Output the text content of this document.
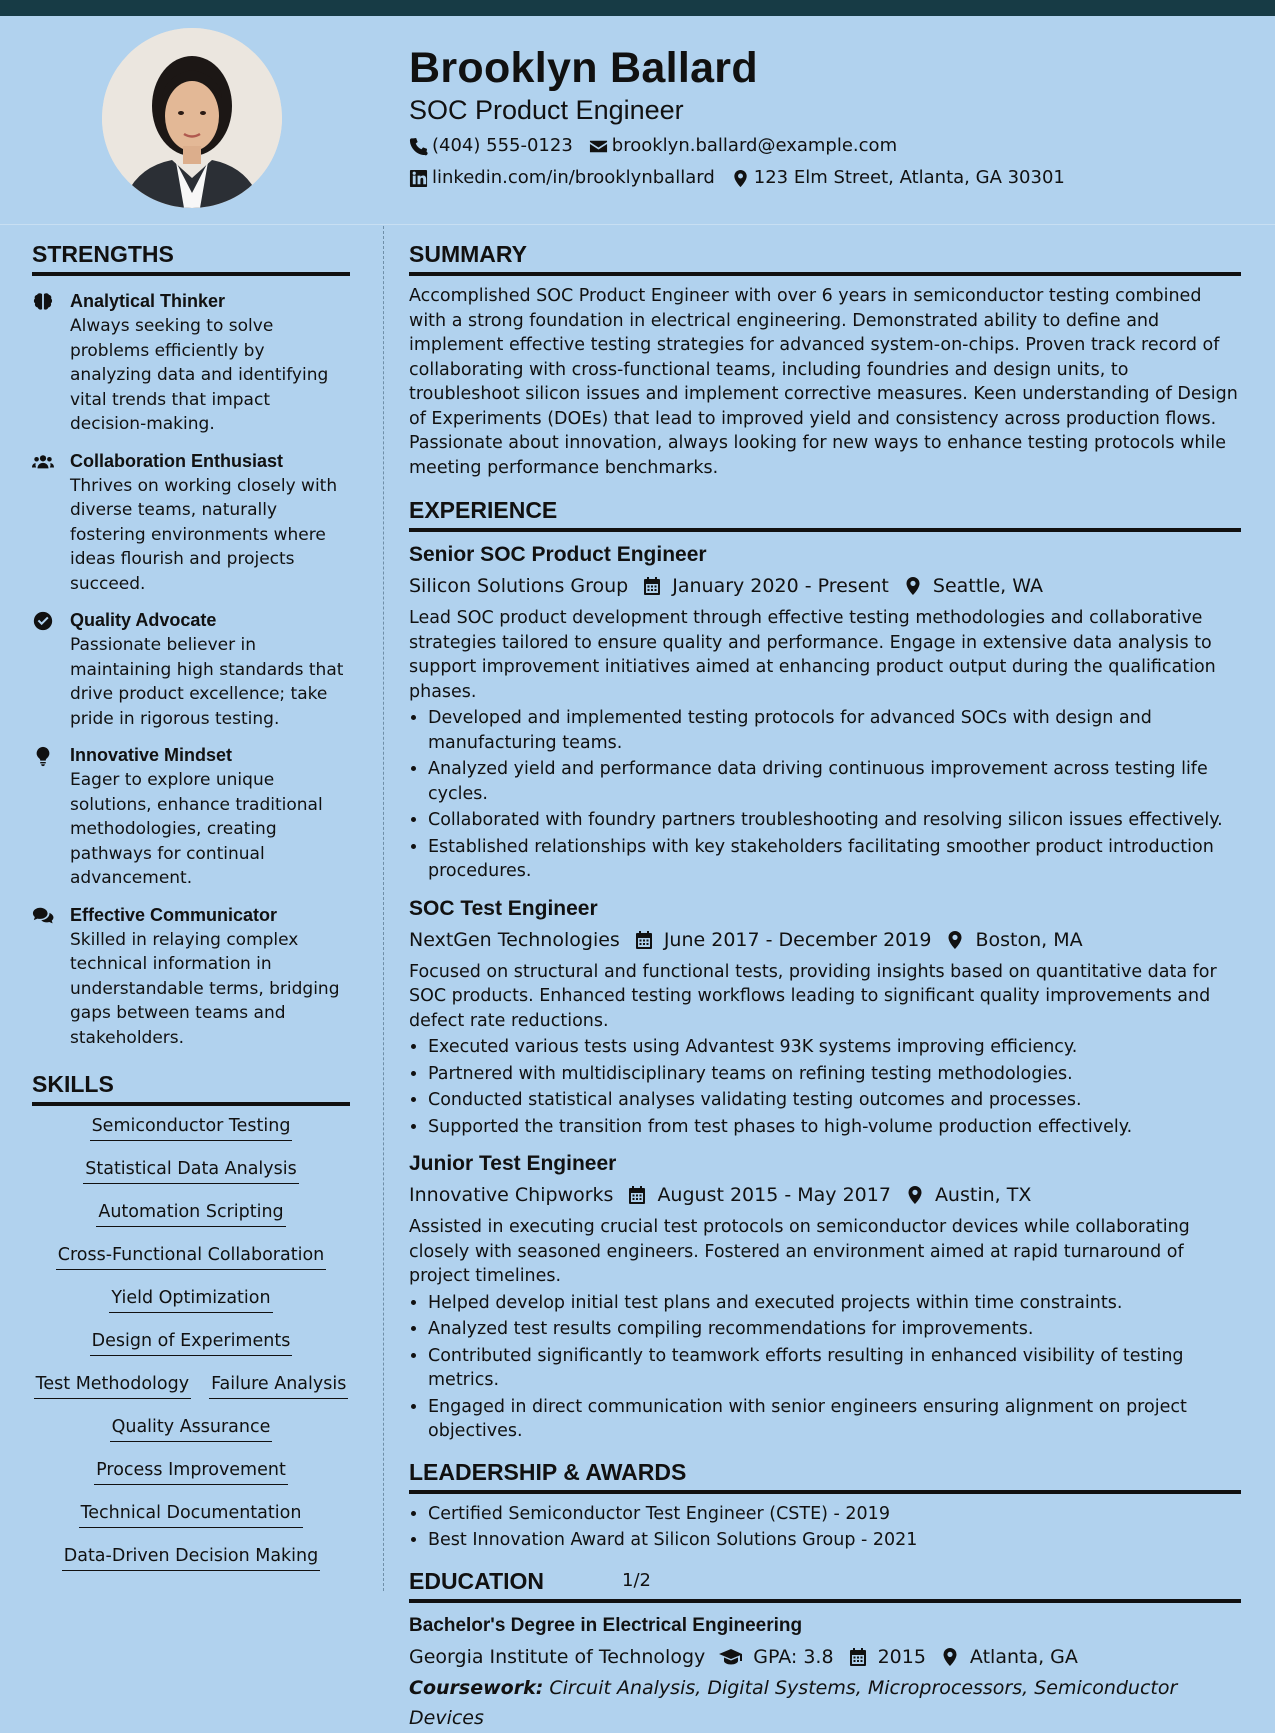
Brooklyn Ballard
SOC Product Engineer
(404) 555-0123 brooklyn.ballard@example.com
linkedin.com/in/brooklynballard 123 Elm Street, Atlanta, GA 30301
STRENGTHS
Analytical Thinker
Always seeking to solve problems efficiently by analyzing data and identifying vital trends that impact decision-making.
Collaboration Enthusiast
Thrives on working closely with diverse teams, naturally fostering environments where ideas flourish and projects succeed.
Quality Advocate
Passionate believer in maintaining high standards that drive product excellence; take pride in rigorous testing.
Innovative Mindset
Eager to explore unique solutions, enhance traditional methodologies, creating pathways for continual advancement.
Effective Communicator
Skilled in relaying complex technical information in understandable terms, bridging gaps between teams and stakeholders.
SKILLS
Semiconductor Testing
Statistical Data Analysis
Automation Scripting
Cross-Functional Collaboration
Yield Optimization
Design of Experiments
Test Methodology Failure Analysis
Quality Assurance
Process Improvement
Technical Documentation
Data-Driven Decision Making
SUMMARY
Accomplished SOC Product Engineer with over 6 years in semiconductor testing combined with a strong foundation in electrical engineering. Demonstrated ability to define and implement effective testing strategies for advanced system-on-chips. Proven track record of collaborating with cross-functional teams, including foundries and design units, to troubleshoot silicon issues and implement corrective measures. Keen understanding of Design of Experiments (DOEs) that lead to improved yield and consistency across production flows. Passionate about innovation, always looking for new ways to enhance testing protocols while meeting performance benchmarks.
EXPERIENCE
Senior SOC Product Engineer
Silicon Solutions Group January 2020 - Present Seattle, WA
Lead SOC product development through effective testing methodologies and collaborative strategies tailored to ensure quality and performance. Engage in extensive data analysis to support improvement initiatives aimed at enhancing product output during the qualification phases.
• Developed and implemented testing protocols for advanced SOCs with design and manufacturing teams.
• Analyzed yield and performance data driving continuous improvement across testing life cycles.
• Collaborated with foundry partners troubleshooting and resolving silicon issues effectively.
• Established relationships with key stakeholders facilitating smoother product introduction procedures.
SOC Test Engineer
NextGen Technologies June 2017 - December 2019 Boston, MA
Focused on structural and functional tests, providing insights based on quantitative data for SOC products. Enhanced testing workflows leading to significant quality improvements and defect rate reductions.
• Executed various tests using Advantest 93K systems improving efficiency.
• Partnered with multidisciplinary teams on refining testing methodologies.
• Conducted statistical analyses validating testing outcomes and processes.
• Supported the transition from test phases to high-volume production effectively.
Junior Test Engineer
Innovative Chipworks August 2015 - May 2017 Austin, TX
Assisted in executing crucial test protocols on semiconductor devices while collaborating closely with seasoned engineers. Fostered an environment aimed at rapid turnaround of project timelines.
• Helped develop initial test plans and executed projects within time constraints.
• Analyzed test results compiling recommendations for improvements.
• Contributed significantly to teamwork efforts resulting in enhanced visibility of testing metrics.
• Engaged in direct communication with senior engineers ensuring alignment on project objectives.
LEADERSHIP & AWARDS
• Certified Semiconductor Test Engineer (CSTE) - 2019
• Best Innovation Award at Silicon Solutions Group - 2021
EDUCATION
Bachelor's Degree in Electrical Engineering
Georgia Institute of Technology	GPA: 3.8 2015 Atlanta, GA
Coursework: Circuit Analysis, Digital Systems, Microprocessors, Semiconductor Devices
1/2
